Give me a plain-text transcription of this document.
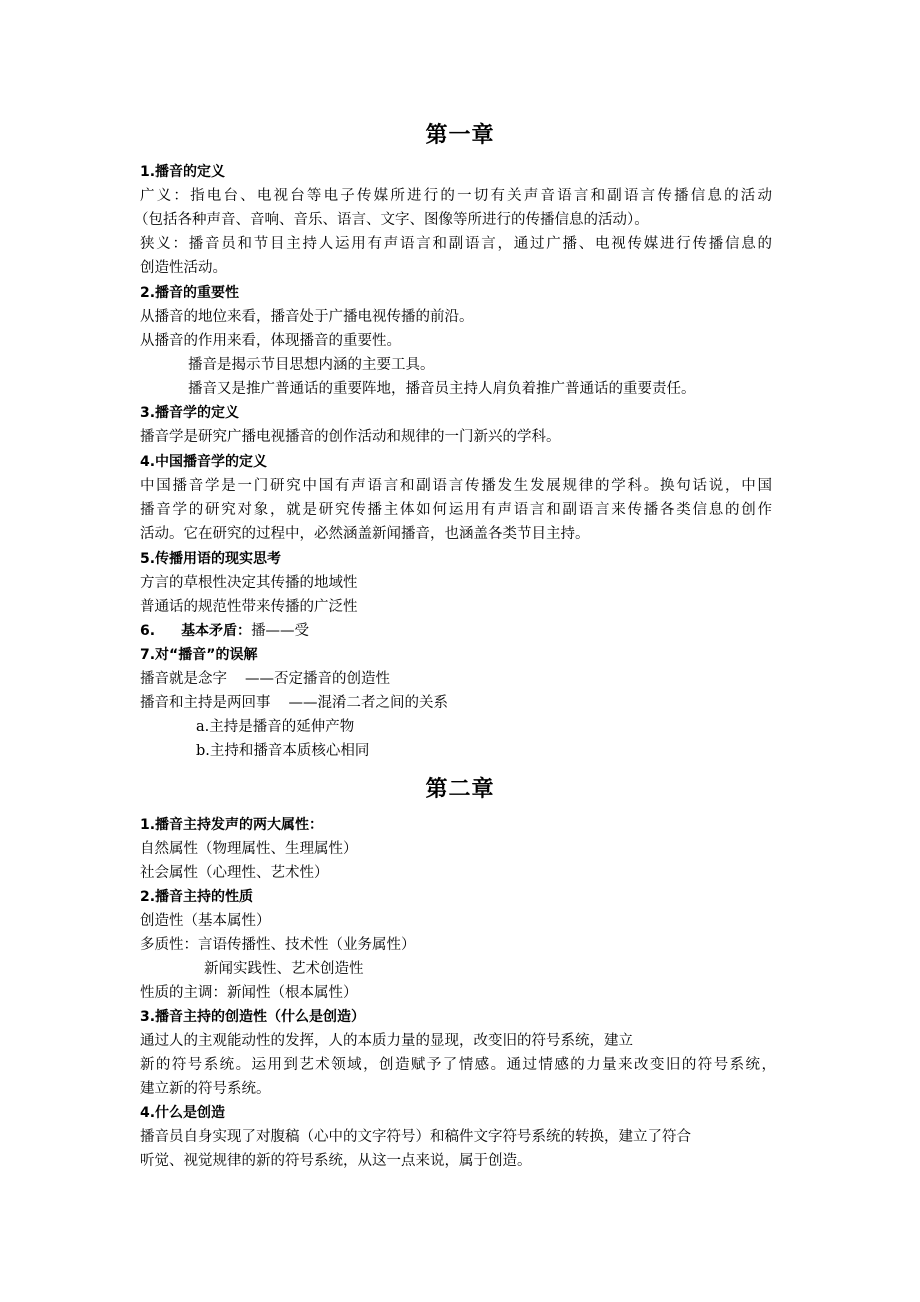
第一章
1.播音的定义
广义：指电台、电视台等电子传媒所进行的一切有关声音语言和副语言传播信息的活动
（包括各种声音、音响、音乐、语言、文字、图像等所进行的传播信息的活动）。
狭义：播音员和节目主持人运用有声语言和副语言，通过广播、电视传媒进行传播信息的
创造性活动。
2.播音的重要性
从播音的地位来看，播音处于广播电视传播的前沿。
从播音的作用来看，体现播音的重要性。
播音是揭示节目思想内涵的主要工具。
播音又是推广普通话的重要阵地，播音员主持人肩负着推广普通话的重要责任。
3.播音学的定义
播音学是研究广播电视播音的创作活动和规律的一门新兴的学科。
4.中国播音学的定义
中国播音学是一门研究中国有声语言和副语言传播发生发展规律的学科。换句话说，中国
播音学的研究对象，就是研究传播主体如何运用有声语言和副语言来传播各类信息的创作
活动。它在研究的过程中，必然涵盖新闻播音，也涵盖各类节目主持。
5.传播用语的现实思考
方言的草根性决定其传播的地域性
普通话的规范性带来传播的广泛性
6. 基本矛盾：播——受
7.对“播音”的误解
播音就是念字 ——否定播音的创造性
播音和主持是两回事 ——混淆二者之间的关系
a.主持是播音的延伸产物
b.主持和播音本质核心相同
第二章
1.播音主持发声的两大属性：
自然属性（物理属性、生理属性）
社会属性（心理性、艺术性）
2.播音主持的性质
创造性（基本属性）
多质性：言语传播性、技术性（业务属性）
新闻实践性、艺术创造性
性质的主调：新闻性（根本属性）
3.播音主持的创造性（什么是创造）
通过人的主观能动性的发挥，人的本质力量的显现，改变旧的符号系统，建立
新的符号系统。运用到艺术领域，创造赋予了情感。通过情感的力量来改变旧的符号系统，
建立新的符号系统。
4.什么是创造
播音员自身实现了对腹稿（心中的文字符号）和稿件文字符号系统的转换，建立了符合
听觉、视觉规律的新的符号系统，从这一点来说，属于创造。
